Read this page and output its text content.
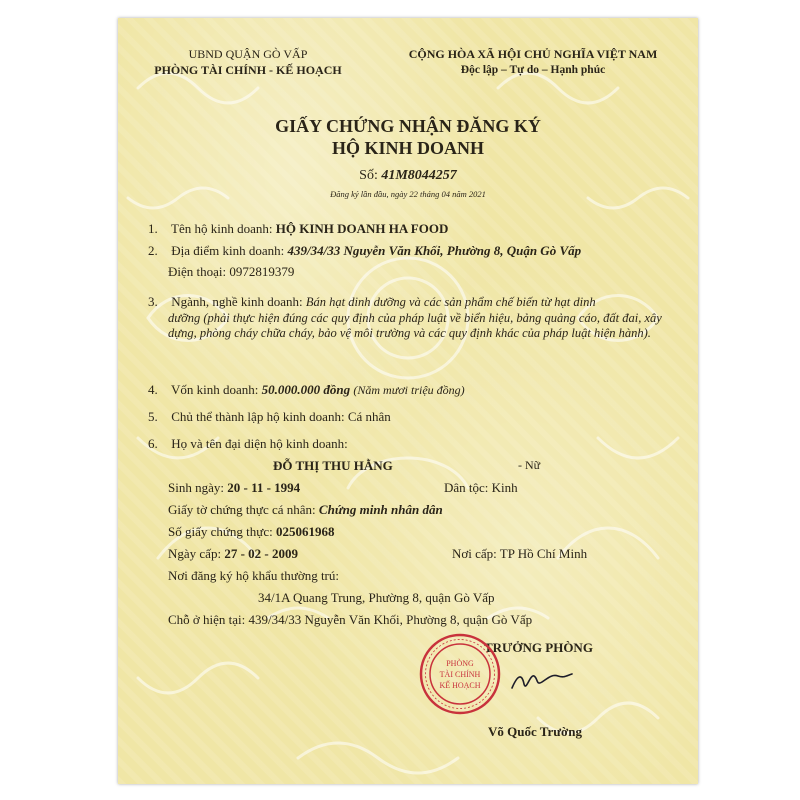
UBND QUẬN GÒ VẤP
PHÒNG TÀI CHÍNH - KẾ HOẠCH
CỘNG HÒA XÃ HỘI CHỦ NGHĨA VIỆT NAM
Độc lập – Tự do – Hạnh phúc
GIẤY CHỨNG NHẬN ĐĂNG KÝ
HỘ KINH DOANH
Số: 41M8044257
Đăng ký lần đầu, ngày 22 tháng 04 năm 2021
1. Tên hộ kinh doanh: HỘ KINH DOANH HA FOOD
2. Địa điểm kinh doanh: 439/34/33 Nguyễn Văn Khối, Phường 8, Quận Gò Vấp
Điện thoại: 0972819379
3. Ngành, nghề kinh doanh: Bán hạt dinh dưỡng và các sản phẩm chế biến từ hạt dinh
dưỡng (phải thực hiện đúng các quy định của pháp luật về biển hiệu, bảng quảng cáo, đất đai, xây dựng, phòng cháy chữa cháy, bảo vệ môi trường và các quy định khác của pháp luật hiện hành).
4. Vốn kinh doanh: 50.000.000 đồng (Năm mươi triệu đồng)
5. Chủ thể thành lập hộ kinh doanh: Cá nhân
6. Họ và tên đại diện hộ kinh doanh:
ĐỖ THỊ THU HẰNG	- Nữ
Sinh ngày: 20 - 11 - 1994	Dân tộc: Kinh
Giấy tờ chứng thực cá nhân: Chứng minh nhân dân
Số giấy chứng thực: 025061968
Ngày cấp: 27 - 02 - 2009	Nơi cấp: TP Hồ Chí Minh
Nơi đăng ký hộ khẩu thường trú:
34/1A Quang Trung, Phường 8, quận Gò Vấp
Chỗ ở hiện tại: 439/34/33 Nguyễn Văn Khối, Phường 8, quận Gò Vấp
TRƯỞNG PHÒNG
PHÒNG
TÀI CHÍNH
KẾ HOẠCH
Võ Quốc Trường
